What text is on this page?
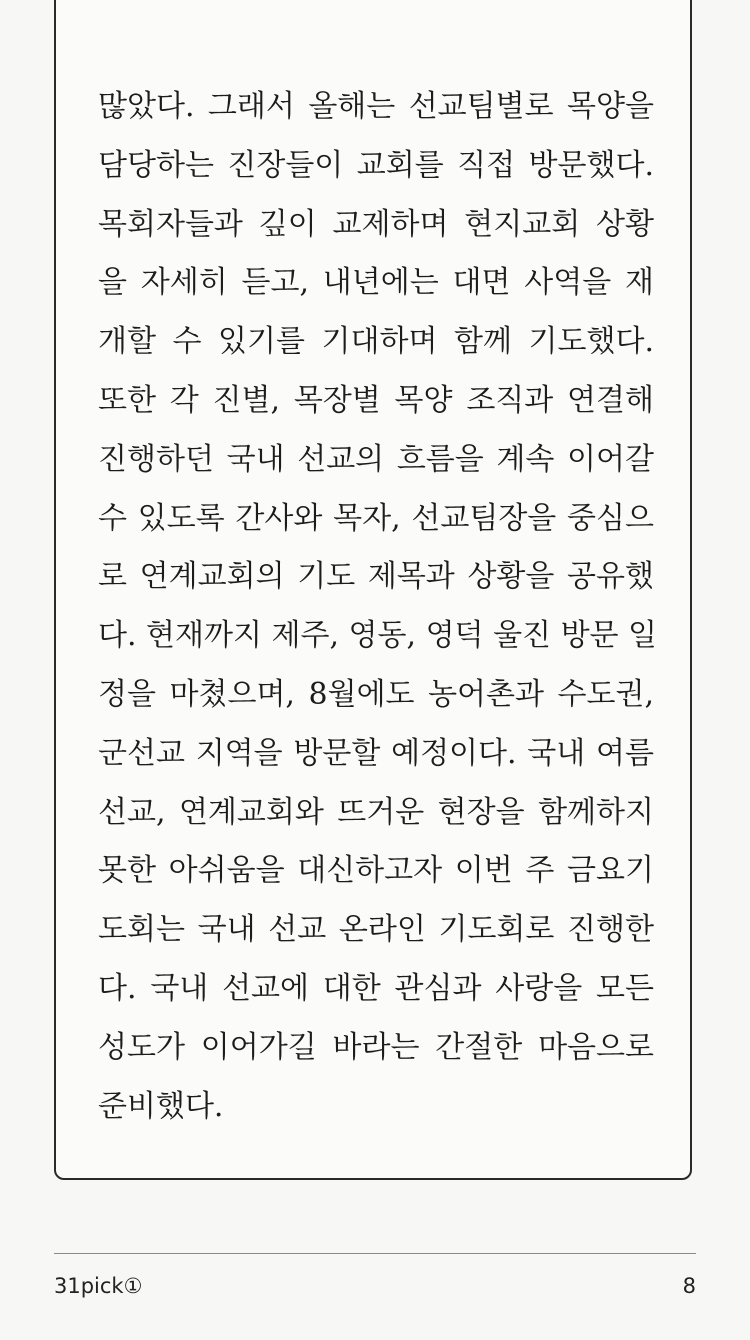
많았다. 그래서 올해는 선교팀별로 목양을
담당하는 진장들이 교회를 직접 방문했다.
목회자들과 깊이 교제하며 현지교회 상황
을 자세히 듣고, 내년에는 대면 사역을 재
개할 수 있기를 기대하며 함께 기도했다.
또한 각 진별, 목장별 목양 조직과 연결해
진행하던 국내 선교의 흐름을 계속 이어갈
수 있도록 간사와 목자, 선교팀장을 중심으
로 연계교회의 기도 제목과 상황을 공유했
다. 현재까지 제주, 영동, 영덕 울진 방문 일
정을 마쳤으며, 8월에도 농어촌과 수도권,
군선교 지역을 방문할 예정이다. 국내 여름
선교, 연계교회와 뜨거운 현장을 함께하지
못한 아쉬움을 대신하고자 이번 주 금요기
도회는 국내 선교 온라인 기도회로 진행한
다. 국내 선교에 대한 관심과 사랑을 모든
성도가 이어가길 바라는 간절한 마음으로
준비했다.
31pick①	8
